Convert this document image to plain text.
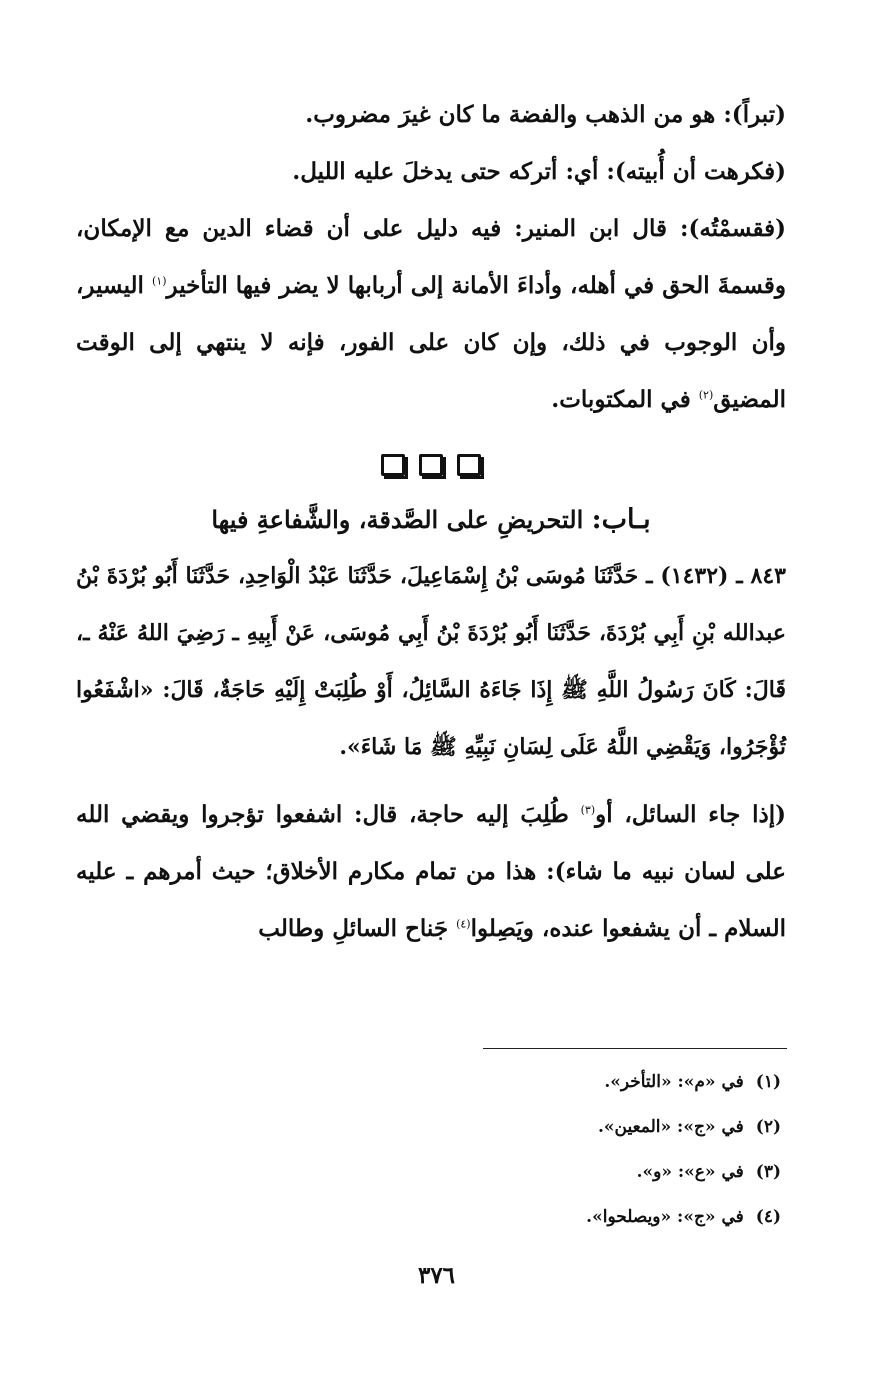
(تبراً): هو من الذهب والفضة ما كان غيرَ مضروب.

(فكرهت أن أُبيته): أي: أتركه حتى يدخلَ عليه الليل.

(فقسمْتُه): قال ابن المنير: فيه دليل على أن قضاء الدين مع الإمكان، وقسمةَ الحق في أهله، وأداءَ الأمانة إلى أربابها لا يضر فيها التأخير$^{(١)}$ اليسير، وأن الوجوب في ذلك، وإن كان على الفور، فإنه لا ينتهي إلى الوقت المضيق$^{(٢)}$ في المكتوبات.

بـاب: التحريضِ على الصَّدقة، والشَّفاعةِ فيها

٨٤٣ ـ (١٤٣٢) ـ حَدَّثَنَا مُوسَى بْنُ إِسْمَاعِيلَ، حَدَّثَنَا عَبْدُ الْوَاحِدِ، حَدَّثَنَا أَبُو بُرْدَةَ بْنُ عبدالله بْنِ أَبِي بُرْدَةَ، حَدَّثَنَا أَبُو بُرْدَةَ بْنُ أَبِي مُوسَى، عَنْ أَبِيهِ ـ رَضِيَ اللهُ عَنْهُ ـ، قَالَ: كَانَ رَسُولُ اللَّهِ ﷺ إِذَا جَاءَهُ السَّائِلُ، أَوْ طُلِبَتْ إِلَيْهِ حَاجَةٌ، قَالَ: «اشْفَعُوا تُؤْجَرُوا، وَيَقْضِي اللَّهُ عَلَى لِسَانِ نَبِيِّهِ ﷺ مَا شَاءَ».

(إذا جاء السائل، أو$^{(٣)}$ طُلِبَ إليه حاجة، قال: اشفعوا تؤجروا ويقضي الله على لسان نبيه ما شاء): هذا من تمام مكارم الأخلاق؛ حيث أمرهم ـ عليه السلام ـ أن يشفعوا عنده، ويَصِلوا$^{(٤)}$ جَناح السائلِ وطالب

(١)في «م»: «التأخر».
(٢)في «ج»: «المعين».
(٣)في «ع»: «و».
(٤)في «ج»: «ويصلحوا».
٣٧٦
